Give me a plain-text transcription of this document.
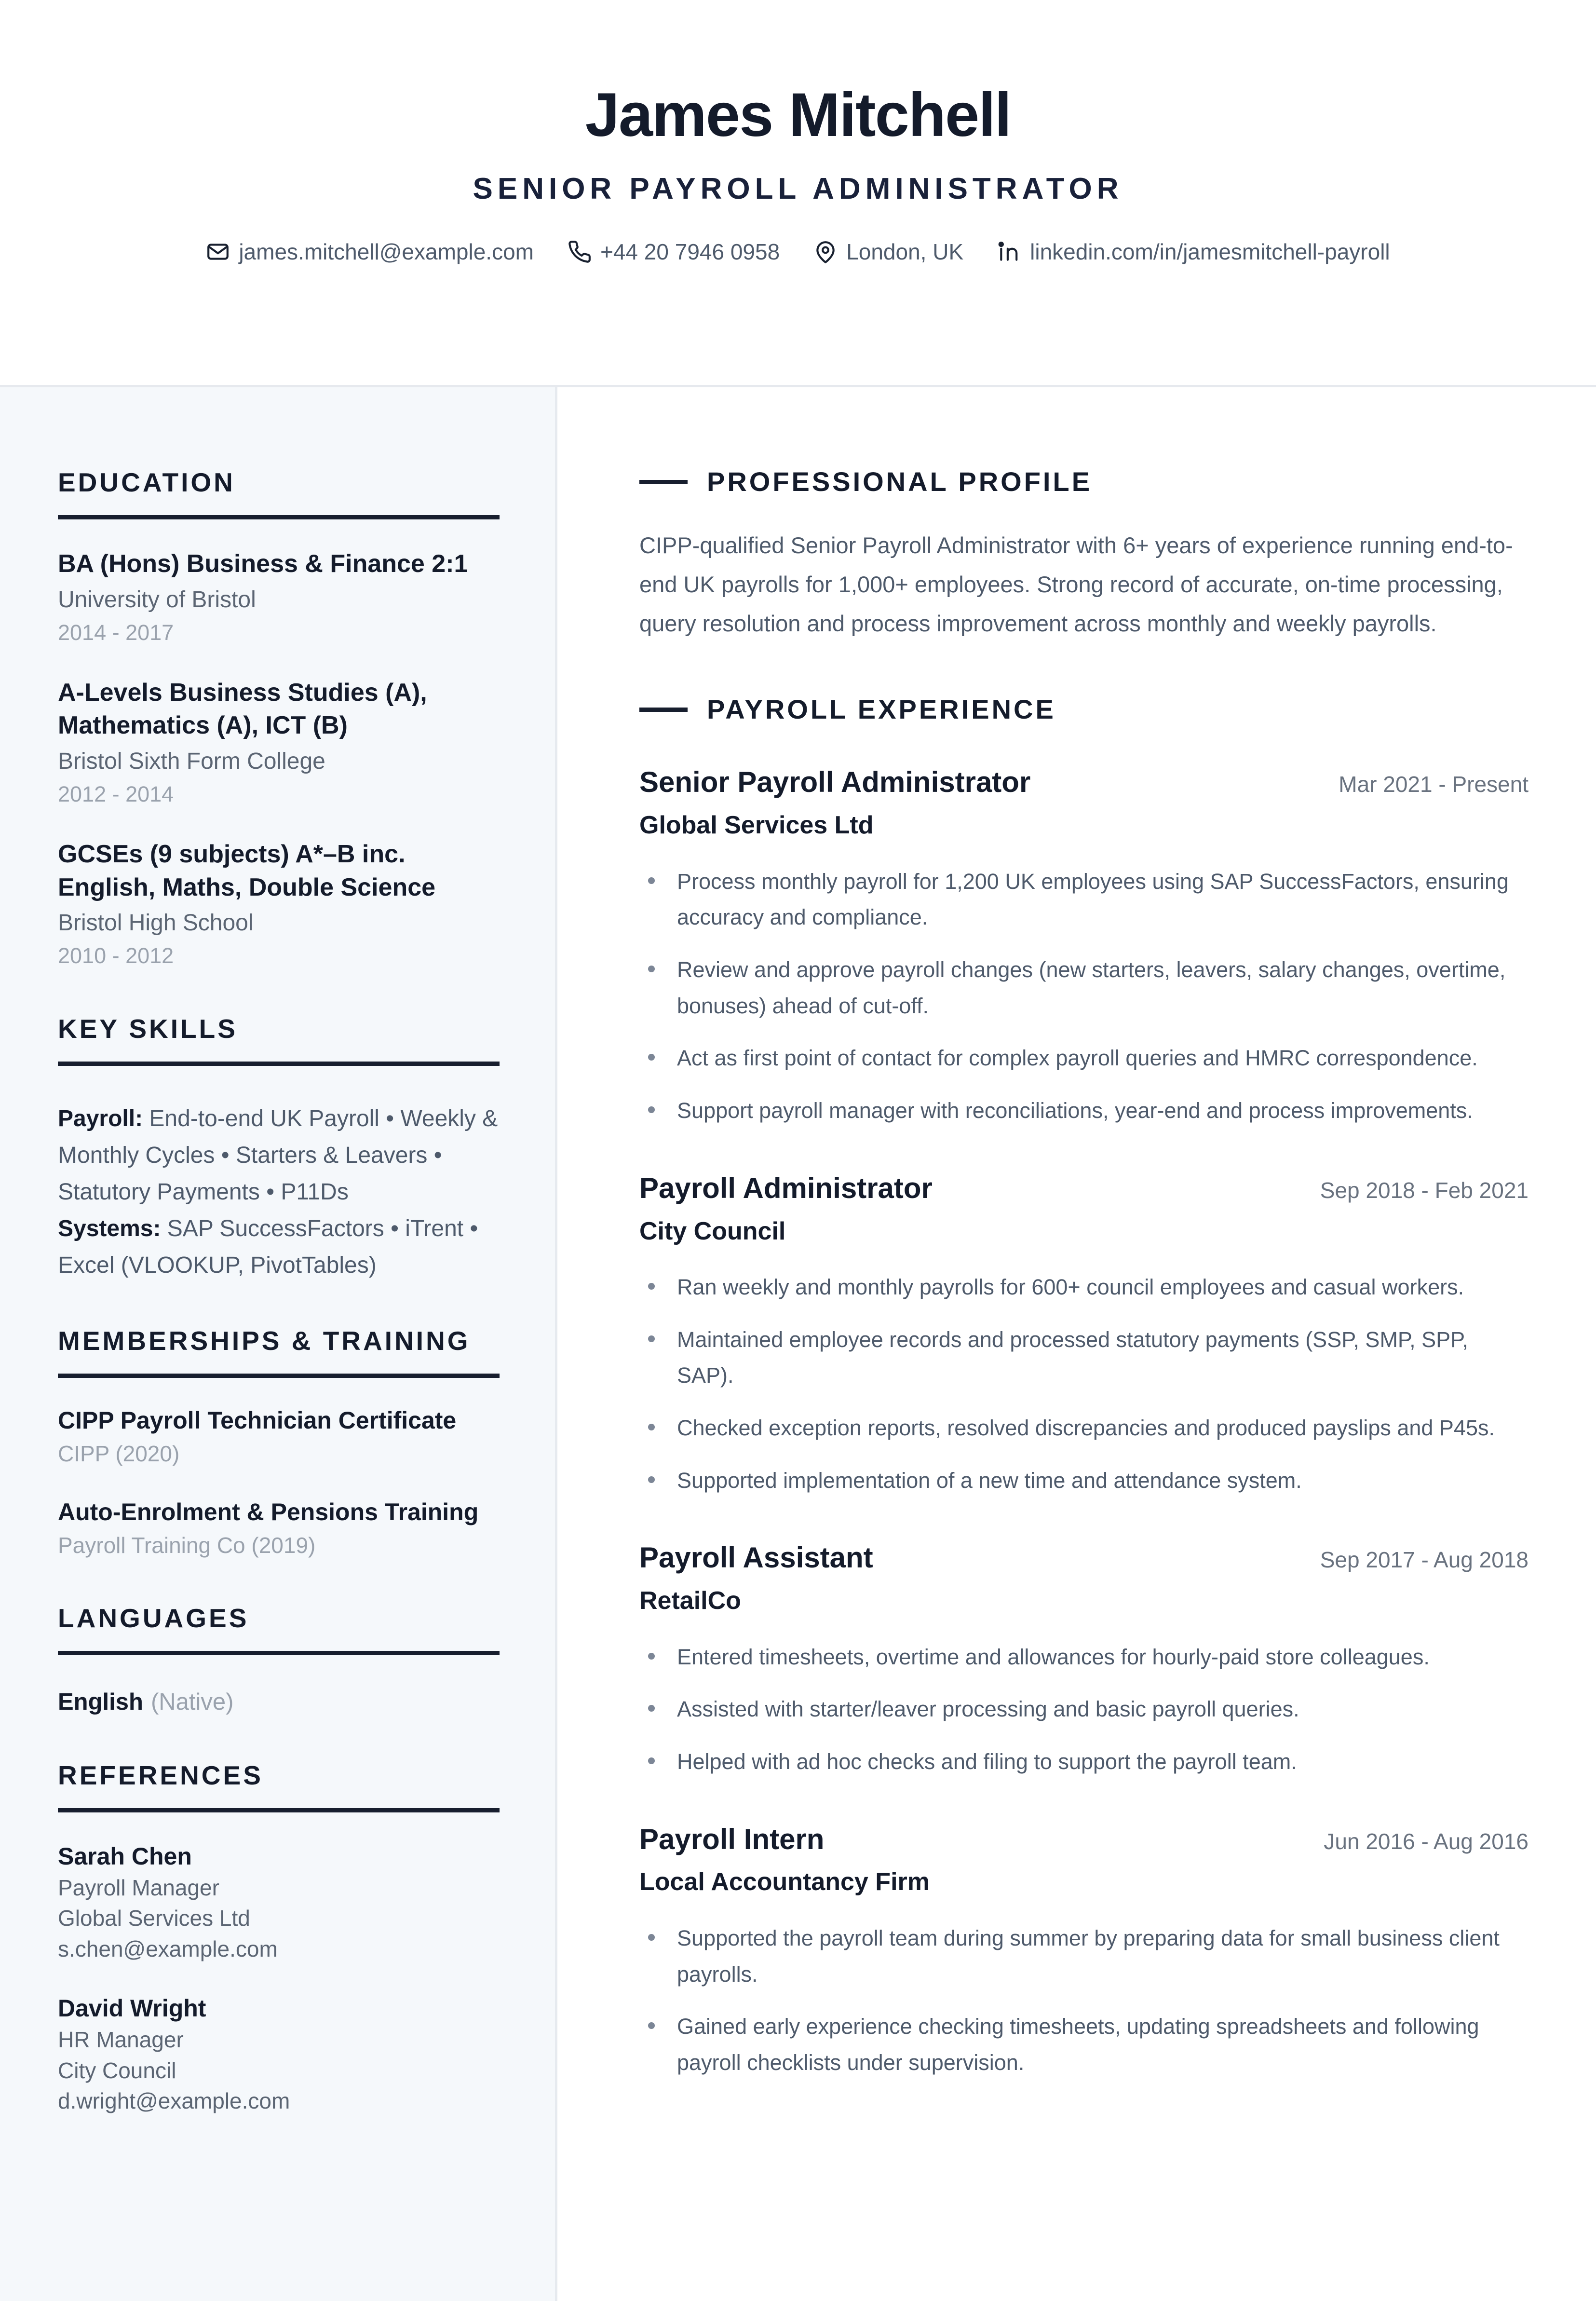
James Mitchell
SENIOR PAYROLL ADMINISTRATOR
james.mitchell@example.com	+44 20 7946 0958	London, UK	linkedin.com/in/jamesmitchell-payroll
EDUCATION
BA (Hons) Business & Finance 2:1
University of Bristol
2014 - 2017
A-Levels Business Studies (A), Mathematics (A), ICT (B)
Bristol Sixth Form College
2012 - 2014
GCSEs (9 subjects) A*–B inc. English, Maths, Double Science
Bristol High School
2010 - 2012
KEY SKILLS
Payroll: End-to-end UK Payroll • Weekly & Monthly Cycles • Starters & Leavers • Statutory Payments • P11Ds
Systems: SAP SuccessFactors • iTrent • Excel (VLOOKUP, PivotTables)
MEMBERSHIPS & TRAINING
CIPP Payroll Technician Certificate
CIPP (2020)
Auto-Enrolment & Pensions Training
Payroll Training Co (2019)
LANGUAGES
English (Native)
REFERENCES
Sarah Chen
Payroll Manager
Global Services Ltd
s.chen@example.com
David Wright
HR Manager
City Council
d.wright@example.com
PROFESSIONAL PROFILE

CIPP-qualified Senior Payroll Administrator with 6+ years of experience running end-to-end UK payrolls for 1,000+ employees. Strong record of accurate, on-time processing, query resolution and process improvement across monthly and weekly payrolls.

PAYROLL EXPERIENCE
Senior Payroll Administrator	Mar 2021 - Present
Global Services Ltd
Process monthly payroll for 1,200 UK employees using SAP SuccessFactors, ensuring accuracy and compliance.
Review and approve payroll changes (new starters, leavers, salary changes, overtime, bonuses) ahead of cut-off.
Act as first point of contact for complex payroll queries and HMRC correspondence.
Support payroll manager with reconciliations, year-end and process improvements.
Payroll Administrator	Sep 2018 - Feb 2021
City Council
Ran weekly and monthly payrolls for 600+ council employees and casual workers.
Maintained employee records and processed statutory payments (SSP, SMP, SPP, SAP).
Checked exception reports, resolved discrepancies and produced payslips and P45s.
Supported implementation of a new time and attendance system.
Payroll Assistant	Sep 2017 - Aug 2018
RetailCo
Entered timesheets, overtime and allowances for hourly-paid store colleagues.
Assisted with starter/leaver processing and basic payroll queries.
Helped with ad hoc checks and filing to support the payroll team.
Payroll Intern	Jun 2016 - Aug 2016
Local Accountancy Firm
Supported the payroll team during summer by preparing data for small business client payrolls.
Gained early experience checking timesheets, updating spreadsheets and following payroll checklists under supervision.
